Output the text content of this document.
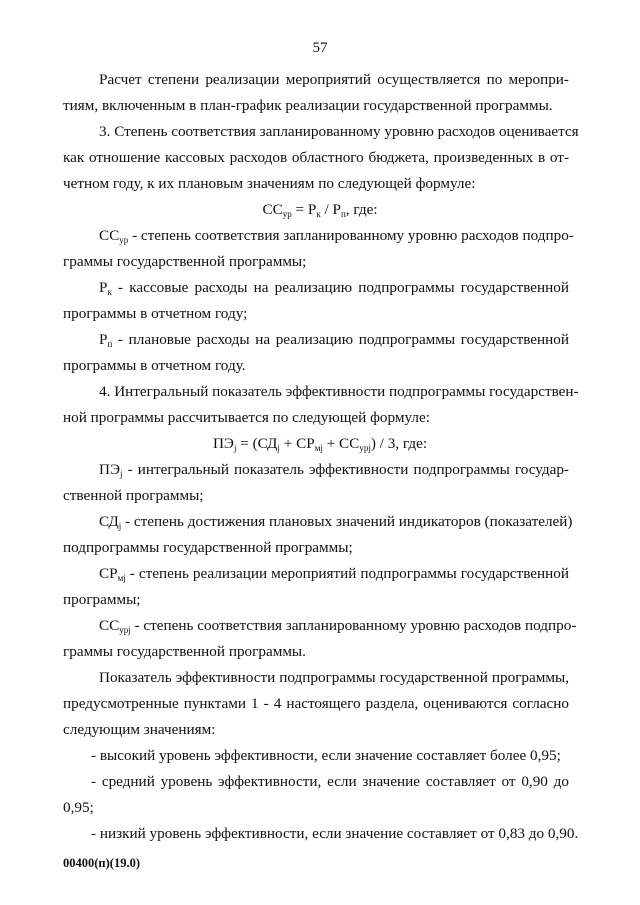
57
Расчет степени реализации мероприятий осуществляется по меропри-
тиям, включенным в план-график реализации государственной программы.
3. Степень соответствия запланированному уровню расходов оценивается
как отношение кассовых расходов областного бюджета, произведенных в от-
четном году, к их плановым значениям по следующей формуле:
$СС_{ур} = Р_к / Р_п$, где:
$СС_{ур}$ - степень соответствия запланированному уровню расходов подпро-
граммы государственной программы;
$Р_к$ - кассовые расходы на реализацию подпрограммы государственной
программы в отчетном году;
$Р_п$ - плановые расходы на реализацию подпрограммы государственной
программы в отчетном году.
4. Интегральный показатель эффективности подпрограммы государствен-
ной программы рассчитывается по следующей формуле:
$ПЭ_j = (СД_j + СР_{мj} + СС_{урj}) / 3$, где:
$ПЭ_j$ - интегральный показатель эффективности подпрограммы государ-
ственной программы;
$СД_j$ - степень достижения плановых значений индикаторов (показателей)
подпрограммы государственной программы;
$СР_{мj}$ - степень реализации мероприятий подпрограммы государственной
программы;
$СС_{урj}$ - степень соответствия запланированному уровню расходов подпро-
граммы государственной программы.
Показатель эффективности подпрограммы государственной программы,
предусмотренные пунктами 1 - 4 настоящего раздела, оцениваются согласно
следующим значениям:
- высокий уровень эффективности, если значение составляет более 0,95;
- средний уровень эффективности, если значение составляет от 0,90 до
0,95;
- низкий уровень эффективности, если значение составляет от 0,83 до 0,90.
00400(п)(19.0)
